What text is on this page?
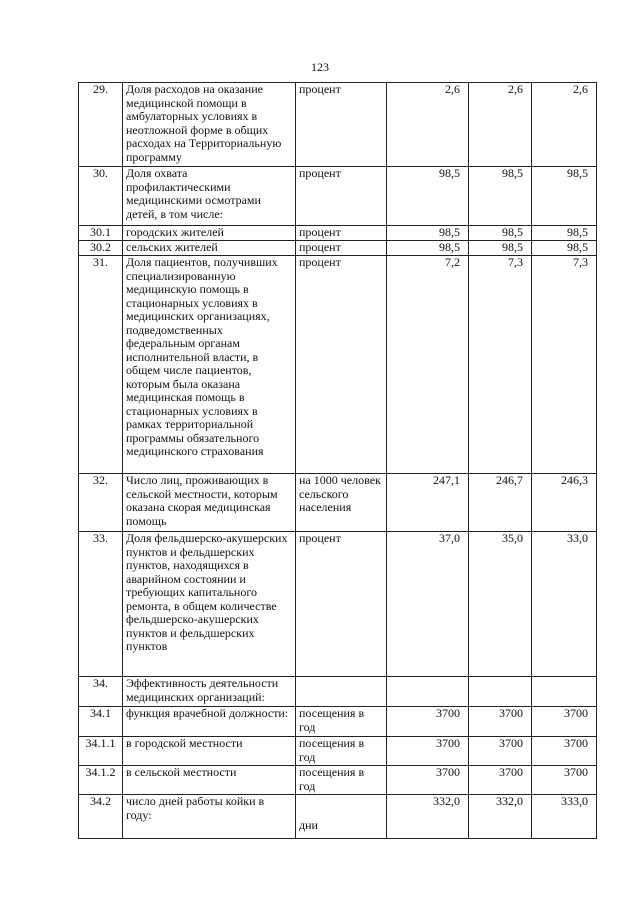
123
29.	Доля расходов на оказание медицинской помощи в амбулаторных условиях в неотложной форме в общих расходах на Территориальную программу	процент	2,6	2,6	2,6
30.	Доля охвата профилактическими медицинскими осмотрами детей, в том числе:	процент	98,5	98,5	98,5
30.1	городских жителей	процент	98,5	98,5	98,5
30.2	сельских жителей	процент	98,5	98,5	98,5
31.	Доля пациентов, получивших специализированную медицинскую помощь в стационарных условиях в медицинских организациях, подведомственных федеральным органам исполнительной власти, в общем числе пациентов, которым была оказана медицинская помощь в стационарных условиях в рамках территориальной программы обязательного медицинского страхования	процент	7,2	7,3	7,3
32.	Число лиц, проживающих в сельской местности, которым оказана скорая медицинская помощь	на 1000 человек сельского населения	247,1	246,7	246,3
33.	Доля фельдшерско-акушерских пунктов и фельдшерских пунктов, находящихся в аварийном состоянии и требующих капитального ремонта, в общем количестве фельдшерско-акушерских пунктов и фельдшерских пунктов	процент	37,0	35,0	33,0
34.	Эффективность деятельности медицинских организаций:				
34.1	функция врачебной должности:	посещения в год	3700	3700	3700
34.1.1	в городской местности	посещения в год	3700	3700	3700
34.1.2	в сельской местности	посещения в год	3700	3700	3700
34.2	число дней работы койки в году:	дни	332,0	332,0	333,0
